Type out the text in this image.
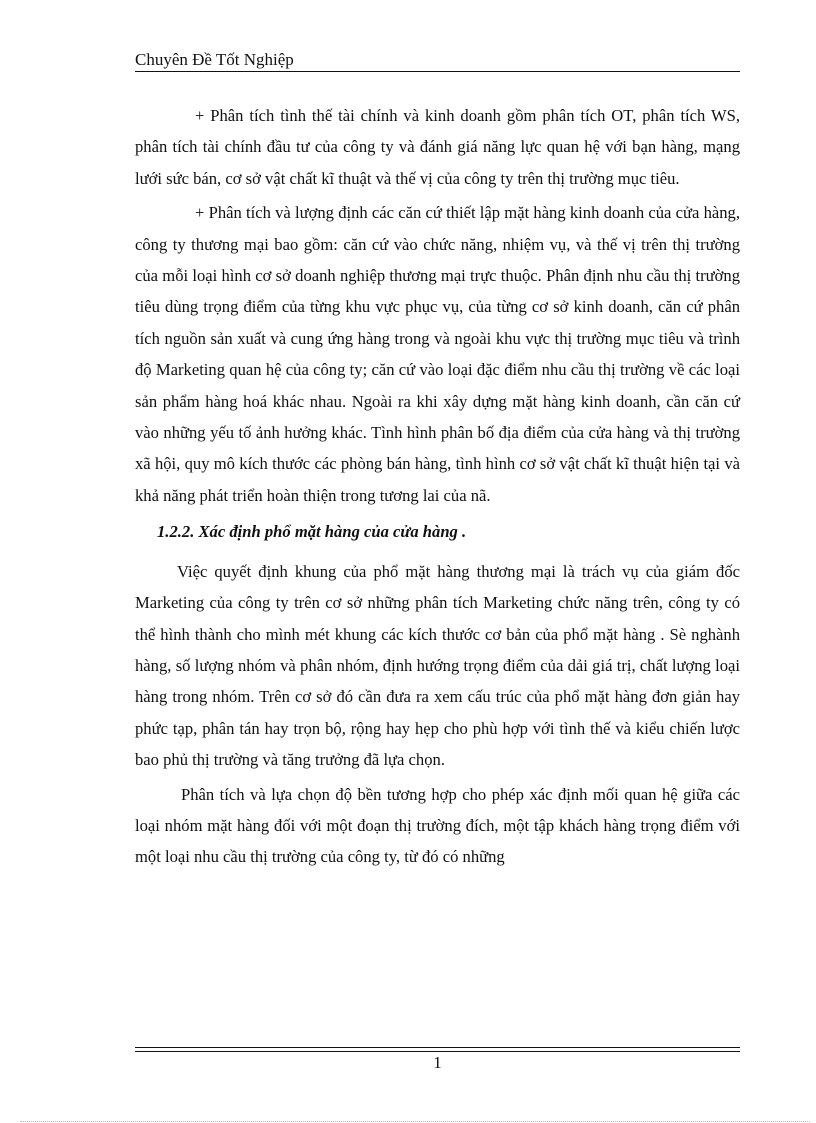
Chuyên Đề Tốt Nghiệp

+ Phân tích tình thế tài chính và kinh doanh gồm phân tích OT, phân tích WS, phân tích tài chính đầu tư của công ty và đánh giá năng lực quan hệ với bạn hàng, mạng lưới sức bán, cơ sở vật chất kĩ thuật và thế vị của công ty trên thị trường mục tiêu.

+ Phân tích và lượng định các căn cứ thiết lập mặt hàng kinh doanh của cửa hàng, công ty thương mại bao gồm: căn cứ vào chức năng, nhiệm vụ, và thế vị trên thị trường của mỗi loại hình cơ sở doanh nghiệp thương mại trực thuộc. Phân định nhu cầu thị trường tiêu dùng trọng điểm của từng khu vực phục vụ, của từng cơ sở kinh doanh, căn cứ phân tích nguồn sản xuất và cung ứng hàng trong và ngoài khu vực thị trường mục tiêu và trình độ Marketing quan hệ của công ty; căn cứ vào loại đặc điểm nhu cầu thị trường về các loại sản phẩm hàng hoá khác nhau. Ngoài ra khi xây dựng mặt hàng kinh doanh, cần căn cứ vào những yếu tố ảnh hưởng khác. Tình hình phân bố địa điểm của cửa hàng và thị trường xã hội, quy mô kích thước các phòng bán hàng, tình hình cơ sở vật chất kĩ thuật hiện tại và khả năng phát triển hoàn thiện trong tương lai của nã.

1.2.2. Xác định phổ mặt hàng của cửa hàng .

Việc quyết định khung của phổ mặt hàng thương mại là trách vụ của giám đốc Marketing của công ty trên cơ sở những phân tích Marketing chức năng trên, công ty có thể hình thành cho mình mét khung các kích thước cơ bản của phổ mặt hàng . Sè nghành hàng, số lượng nhóm và phân nhóm, định hướng trọng điểm của dải giá trị, chất lượng loại hàng trong nhóm. Trên cơ sở đó cần đưa ra xem cấu trúc của phổ mặt hàng đơn giản hay phức tạp, phân tán hay trọn bộ, rộng hay hẹp cho phù hợp với tình thế và kiểu chiến lược bao phủ thị trường và tăng trưởng đã lựa chọn.

Phân tích và lựa chọn độ bền tương hợp cho phép xác định mối quan hệ giữa các loại nhóm mặt hàng đối với một đoạn thị trường đích, một tập khách hàng trọng điểm với một loại nhu cầu thị trường của công ty, từ đó có những

1
